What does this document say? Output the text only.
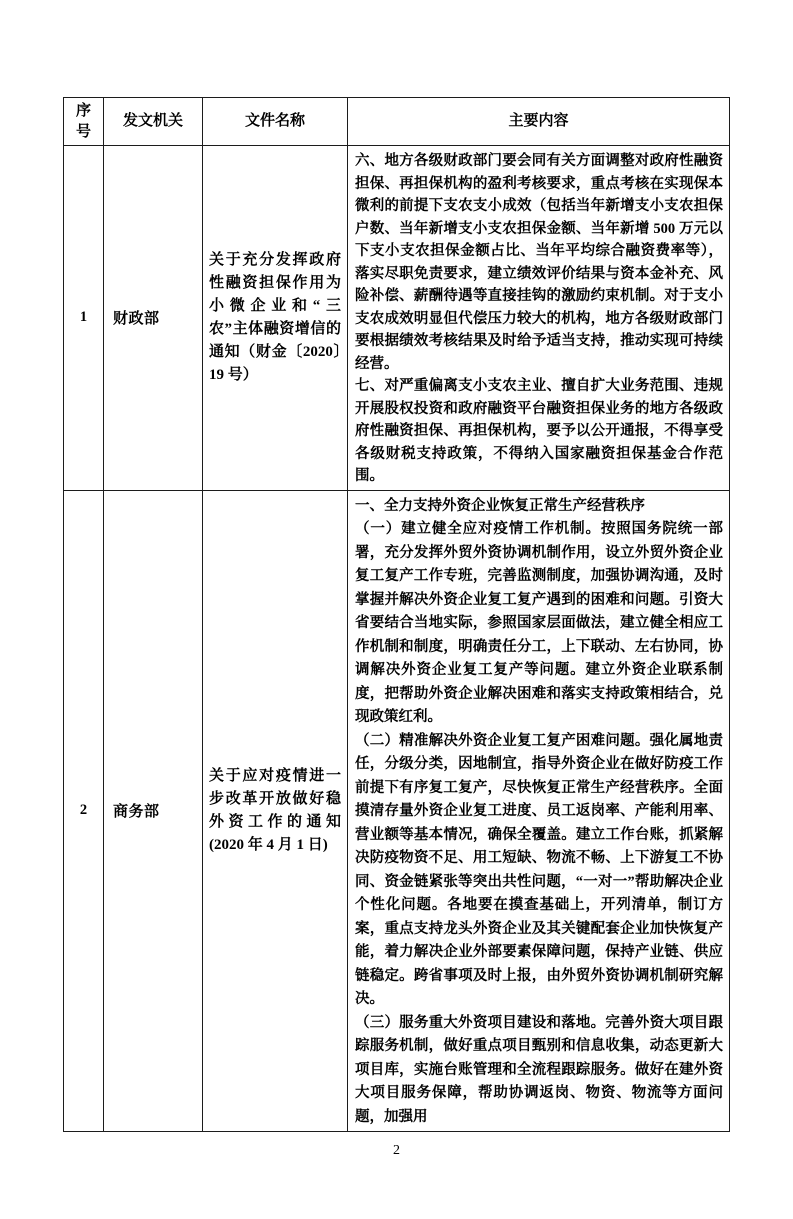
序号	发文机关	文件名称	主要内容
1	财政部	关于充分发挥政府性融资担保作用为小微企业和“三农”主体融资增信的通知（财金〔2020〕19 号）	六、地方各级财政部门要会同有关方面调整对政府性融资担保、再担保机构的盈利考核要求，重点考核在实现保本微利的前提下支农支小成效（包括当年新增支小支农担保户数、当年新增支小支农担保金额、当年新增 500 万元以下支小支农担保金额占比、当年平均综合融资费率等），落实尽职免责要求，建立绩效评价结果与资本金补充、风险补偿、薪酬待遇等直接挂钩的激励约束机制。对于支小支农成效明显但代偿压力较大的机构，地方各级财政部门要根据绩效考核结果及时给予适当支持，推动实现可持续经营。

七、对严重偏离支小支农主业、擅自扩大业务范围、违规开展股权投资和政府融资平台融资担保业务的地方各级政府性融资担保、再担保机构，要予以公开通报，不得享受各级财税支持政策，不得纳入国家融资担保基金合作范围。

2	商务部	关于应对疫情进一步改革开放做好稳外资工作的通知(2020 年 4 月 1 日)	一、全力支持外资企业恢复正常生产经营秩序

（一）建立健全应对疫情工作机制。按照国务院统一部署，充分发挥外贸外资协调机制作用，设立外贸外资企业复工复产工作专班，完善监测制度，加强协调沟通，及时掌握并解决外资企业复工复产遇到的困难和问题。引资大省要结合当地实际，参照国家层面做法，建立健全相应工作机制和制度，明确责任分工，上下联动、左右协同，协调解决外资企业复工复产等问题。建立外资企业联系制度，把帮助外资企业解决困难和落实支持政策相结合，兑现政策红利。

（二）精准解决外资企业复工复产困难问题。强化属地责任，分级分类，因地制宜，指导外资企业在做好防疫工作前提下有序复工复产，尽快恢复正常生产经营秩序。全面摸清存量外资企业复工进度、员工返岗率、产能利用率、营业额等基本情况，确保全覆盖。建立工作台账，抓紧解决防疫物资不足、用工短缺、物流不畅、上下游复工不协同、资金链紧张等突出共性问题，“一对一”帮助解决企业个性化问题。各地要在摸查基础上，开列清单，制订方案，重点支持龙头外资企业及其关键配套企业加快恢复产能，着力解决企业外部要素保障问题，保持产业链、供应链稳定。跨省事项及时上报，由外贸外资协调机制研究解决。

（三）服务重大外资项目建设和落地。完善外资大项目跟踪服务机制，做好重点项目甄别和信息收集，动态更新大项目库，实施台账管理和全流程跟踪服务。做好在建外资大项目服务保障，帮助协调返岗、物资、物流等方面问题，加强用

2
